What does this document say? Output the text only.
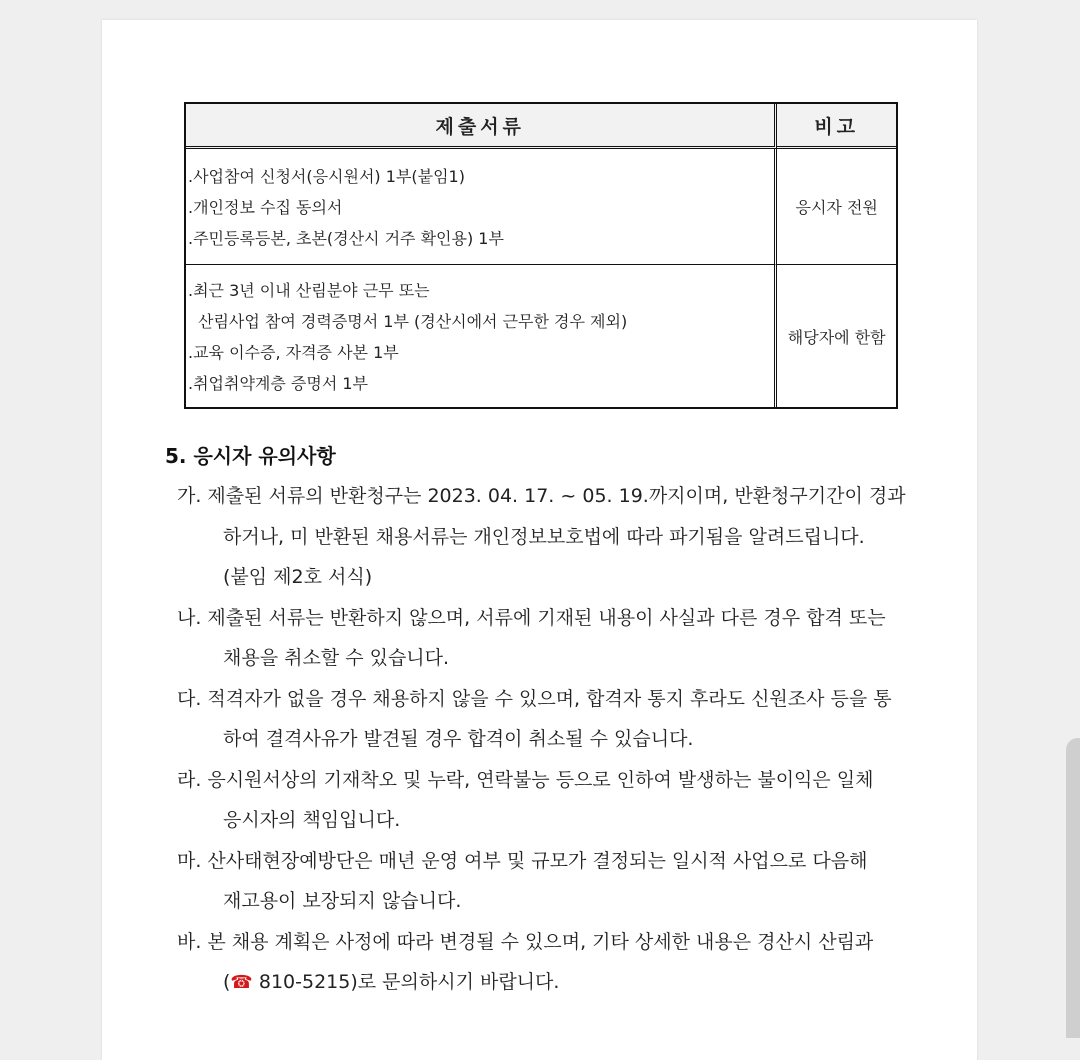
제출서류	비고

.사업참여 신청서(응시원서) 1부(붙임1)
.개인정보 수집 동의서
.주민등록등본, 초본(경산시 거주 확인용) 1부	응시자 전원

.최근 3년 이내 산림분야 근무 또는
산림사업 참여 경력증명서 1부 (경산시에서 근무한 경우 제외)
.교육 이수증, 자격증 사본 1부
.취업취약계층 증명서 1부	해당자에 한함
5. 응시자 유의사항
가. 제출된 서류의 반환청구는 2023. 04. 17. ~ 05. 19.까지이며, 반환청구기간이 경과
하거나, 미 반환된 채용서류는 개인정보보호법에 따라 파기됨을 알려드립니다.
(붙임 제2호 서식)
나. 제출된 서류는 반환하지 않으며, 서류에 기재된 내용이 사실과 다른 경우 합격 또는
채용을 취소할 수 있습니다.
다. 적격자가 없을 경우 채용하지 않을 수 있으며, 합격자 통지 후라도 신원조사 등을 통
하여 결격사유가 발견될 경우 합격이 취소될 수 있습니다.
라. 응시원서상의 기재착오 및 누락, 연락불능 등으로 인하여 발생하는 불이익은 일체
응시자의 책임입니다.
마. 산사태현장예방단은 매년 운영 여부 및 규모가 결정되는 일시적 사업으로 다음해
재고용이 보장되지 않습니다.
바. 본 채용 계획은 사정에 따라 변경될 수 있으며, 기타 상세한 내용은 경산시 산림과
(☎ 810-5215)로 문의하시기 바랍니다.
